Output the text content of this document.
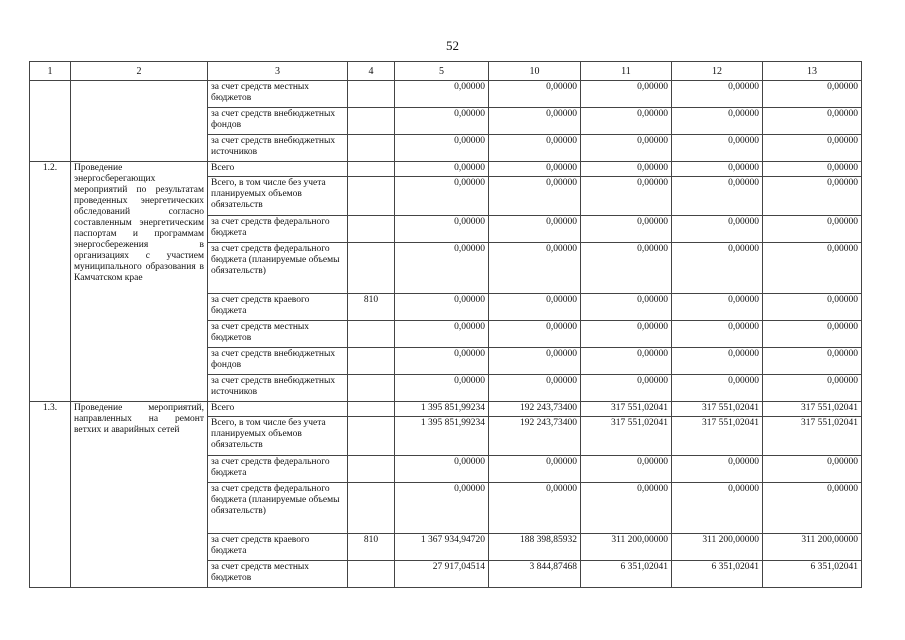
52
1	2	3	4	5	10	11	12	13
		за счет средств местных бюджетов		0,00000	0,00000	0,00000	0,00000	0,00000
		за счет средств внебюджетных фондов		0,00000	0,00000	0,00000	0,00000	0,00000
		за счет средств внебюджетных источников		0,00000	0,00000	0,00000	0,00000	0,00000
1.2.	Проведение энергосберегающих мероприятий по результатам проведенных энергетических обследований согласно составленным энергетическим паспортам и программам энергосбережения в организациях с участием муниципального образования в Камчатском крае	Всего		0,00000	0,00000	0,00000	0,00000	0,00000
		Всего, в том числе без учета планируемых объемов обязательств		0,00000	0,00000	0,00000	0,00000	0,00000
		за счет средств федерального бюджета		0,00000	0,00000	0,00000	0,00000	0,00000
		за счет средств федерального бюджета (планируемые объемы обязательств)		0,00000	0,00000	0,00000	0,00000	0,00000
		за счет средств краевого бюджета	810	0,00000	0,00000	0,00000	0,00000	0,00000
		за счет средств местных бюджетов		0,00000	0,00000	0,00000	0,00000	0,00000
		за счет средств внебюджетных фондов		0,00000	0,00000	0,00000	0,00000	0,00000
		за счет средств внебюджетных источников		0,00000	0,00000	0,00000	0,00000	0,00000
1.3.	Проведение мероприятий, направленных на ремонт ветхих и аварийных сетей	Всего		1 395 851,99234	192 243,73400	317 551,02041	317 551,02041	317 551,02041
		Всего, в том числе без учета планируемых объемов обязательств		1 395 851,99234	192 243,73400	317 551,02041	317 551,02041	317 551,02041
		за счет средств федерального бюджета		0,00000	0,00000	0,00000	0,00000	0,00000
		за счет средств федерального бюджета (планируемые объемы обязательств)		0,00000	0,00000	0,00000	0,00000	0,00000
		за счет средств краевого бюджета	810	1 367 934,94720	188 398,85932	311 200,00000	311 200,00000	311 200,00000
		за счет средств местных бюджетов		27 917,04514	3 844,87468	6 351,02041	6 351,02041	6 351,02041
